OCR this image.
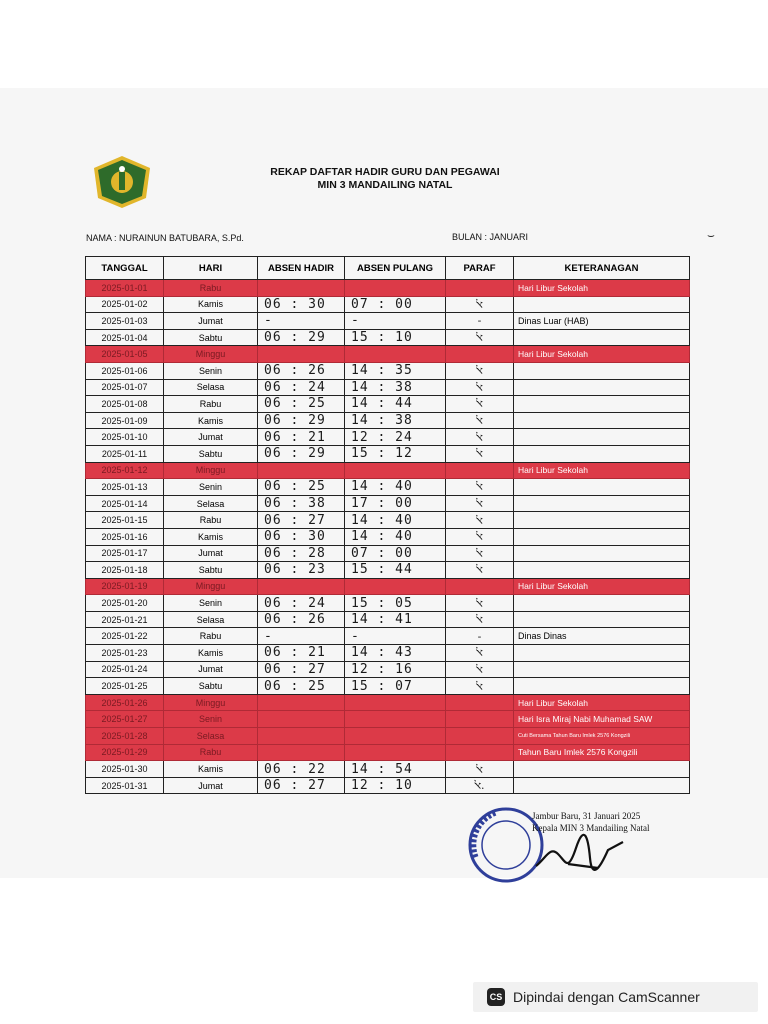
REKAP DAFTAR HADIR GURU DAN PEGAWAI
MIN 3 MANDAILING NATAL
NAMA : NURAINUN BATUBARA, S.Pd.	BULAN : JANUARI	⌣
TANGGAL	HARI	ABSEN HADIR	ABSEN PULANG	PARAF	KETERANAGAN
2025-01-01	Rabu				Hari Libur Sekolah
2025-01-02	Kamis	06 : 30	07 : 00	ﭏ	
2025-01-03	Jumat	-	-	-	Dinas Luar (HAB)
2025-01-04	Sabtu	06 : 29	15 : 10	ﭏ	
2025-01-05	Minggu				Hari Libur Sekolah
2025-01-06	Senin	06 : 26	14 : 35	ﭏ	
2025-01-07	Selasa	06 : 24	14 : 38	ﭏ	
2025-01-08	Rabu	06 : 25	14 : 44	ﭏ	
2025-01-09	Kamis	06 : 29	14 : 38	ﭏ	
2025-01-10	Jumat	06 : 21	12 : 24	ﭏ	
2025-01-11	Sabtu	06 : 29	15 : 12	ﭏ	
2025-01-12	Minggu				Hari Libur Sekolah
2025-01-13	Senin	06 : 25	14 : 40	ﭏ	
2025-01-14	Selasa	06 : 38	17 : 00	ﭏ	
2025-01-15	Rabu	06 : 27	14 : 40	ﭏ	
2025-01-16	Kamis	06 : 30	14 : 40	ﭏ	
2025-01-17	Jumat	06 : 28	07 : 00	ﭏ	
2025-01-18	Sabtu	06 : 23	15 : 44	ﭏ	
2025-01-19	Minggu				Hari Libur Sekolah
2025-01-20	Senin	06 : 24	15 : 05	ﭏ	
2025-01-21	Selasa	06 : 26	14 : 41	ﭏ	
2025-01-22	Rabu	-	-	-	Dinas Dinas
2025-01-23	Kamis	06 : 21	14 : 43	ﭏ	
2025-01-24	Jumat	06 : 27	12 : 16	ﭏ	
2025-01-25	Sabtu	06 : 25	15 : 07	ﭏ	
2025-01-26	Minggu				Hari Libur Sekolah
2025-01-27	Senin				Hari Isra Miraj Nabi Muhamad SAW
2025-01-28	Selasa				Cuti Bersama Tahun Baru Imlek 2576 Kongzili
2025-01-29	Rabu				Tahun Baru Imlek 2576 Kongzili
2025-01-30	Kamis	06 : 22	14 : 54	ﭏ	
2025-01-31	Jumat	06 : 27	12 : 10	ﭏ.	
Jambur Baru, 31 Januari 2025
Kepala MIN 3 Mandailing Natal
CS Dipindai dengan CamScanner
